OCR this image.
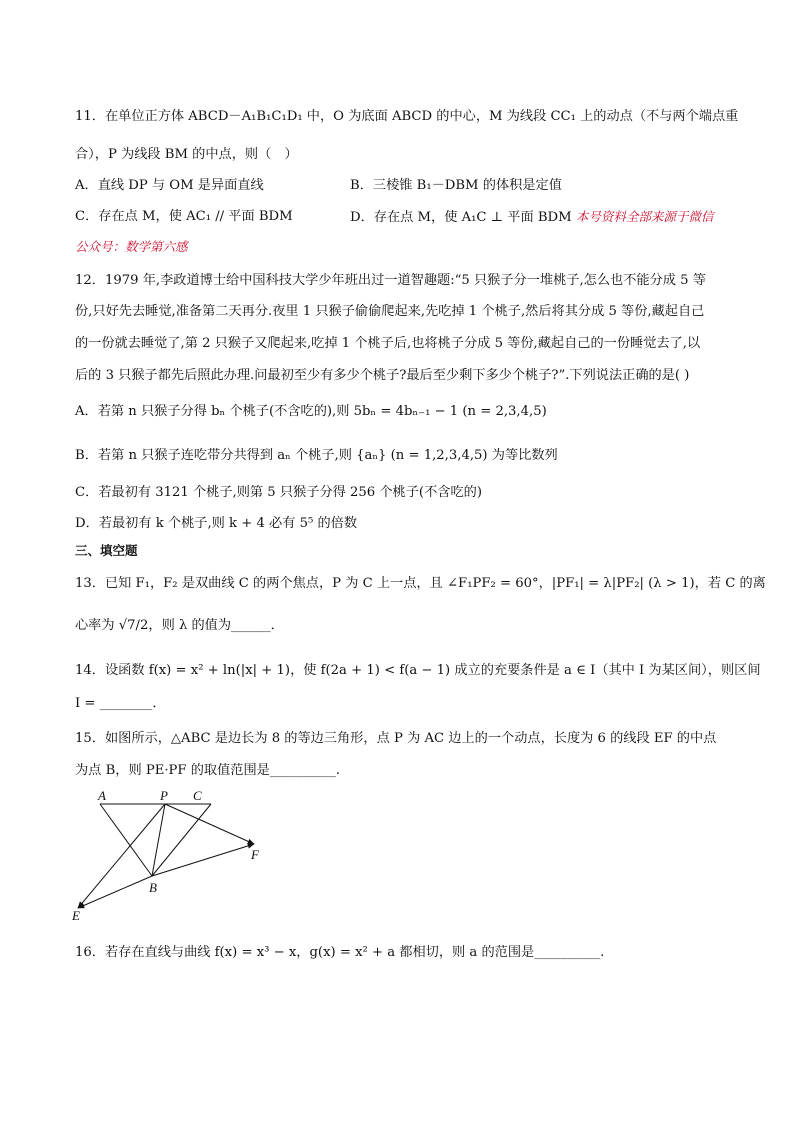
11．在单位正方体 ABCD－A₁B₁C₁D₁ 中，O 为底面 ABCD 的中心，M 为线段 CC₁ 上的动点（不与两个端点重
合），P 为线段 BM 的中点，则（　）
A．直线 DP 与 OM 是异面直线	B．三棱锥 B₁－DBM 的体积是定值
C．存在点 M，使 AC₁ // 平面 BDM	D．存在点 M，使 A₁C ⊥ 平面 BDM 本号资料全部来源于微信
公众号：数学第六感
12．1979 年,李政道博士给中国科技大学少年班出过一道智趣题:“5 只猴子分一堆桃子,怎么也不能分成 5 等
份,只好先去睡觉,准备第二天再分.夜里 1 只猴子偷偷爬起来,先吃掉 1 个桃子,然后将其分成 5 等份,藏起自己
的一份就去睡觉了,第 2 只猴子又爬起来,吃掉 1 个桃子后,也将桃子分成 5 等份,藏起自己的一份睡觉去了,以
后的 3 只猴子都先后照此办理.问最初至少有多少个桃子?最后至少剩下多少个桃子?”.下列说法正确的是( )
A．若第 n 只猴子分得 bₙ 个桃子(不含吃的),则 5bₙ = 4bₙ₋₁ − 1 (n = 2,3,4,5)
B．若第 n 只猴子连吃带分共得到 aₙ 个桃子,则 {aₙ} (n = 1,2,3,4,5) 为等比数列
C．若最初有 3121 个桃子,则第 5 只猴子分得 256 个桃子(不含吃的)
D．若最初有 k 个桃子,则 k + 4 必有 5⁵ 的倍数
三、填空题
13．已知 F₁，F₂ 是双曲线 C 的两个焦点，P 为 C 上一点，且 ∠F₁PF₂ = 60°，|PF₁| = λ|PF₂| (λ > 1)，若 C 的离
心率为 √7/2，则 λ 的值为______．
14．设函数 f(x) = x² + ln(|x| + 1)，使 f(2a + 1) < f(a − 1) 成立的充要条件是 a ∈ I（其中 I 为某区间），则区间
I = ________．
15．如图所示，△ABC 是边长为 8 的等边三角形，点 P 为 AC 边上的一个动点，长度为 6 的线段 EF 的中点
为点 B，则 PE·PF 的取值范围是__________.
A	P C
B
E
F
16．若存在直线与曲线 f(x) = x³ − x，g(x) = x² + a 都相切，则 a 的范围是__________.
